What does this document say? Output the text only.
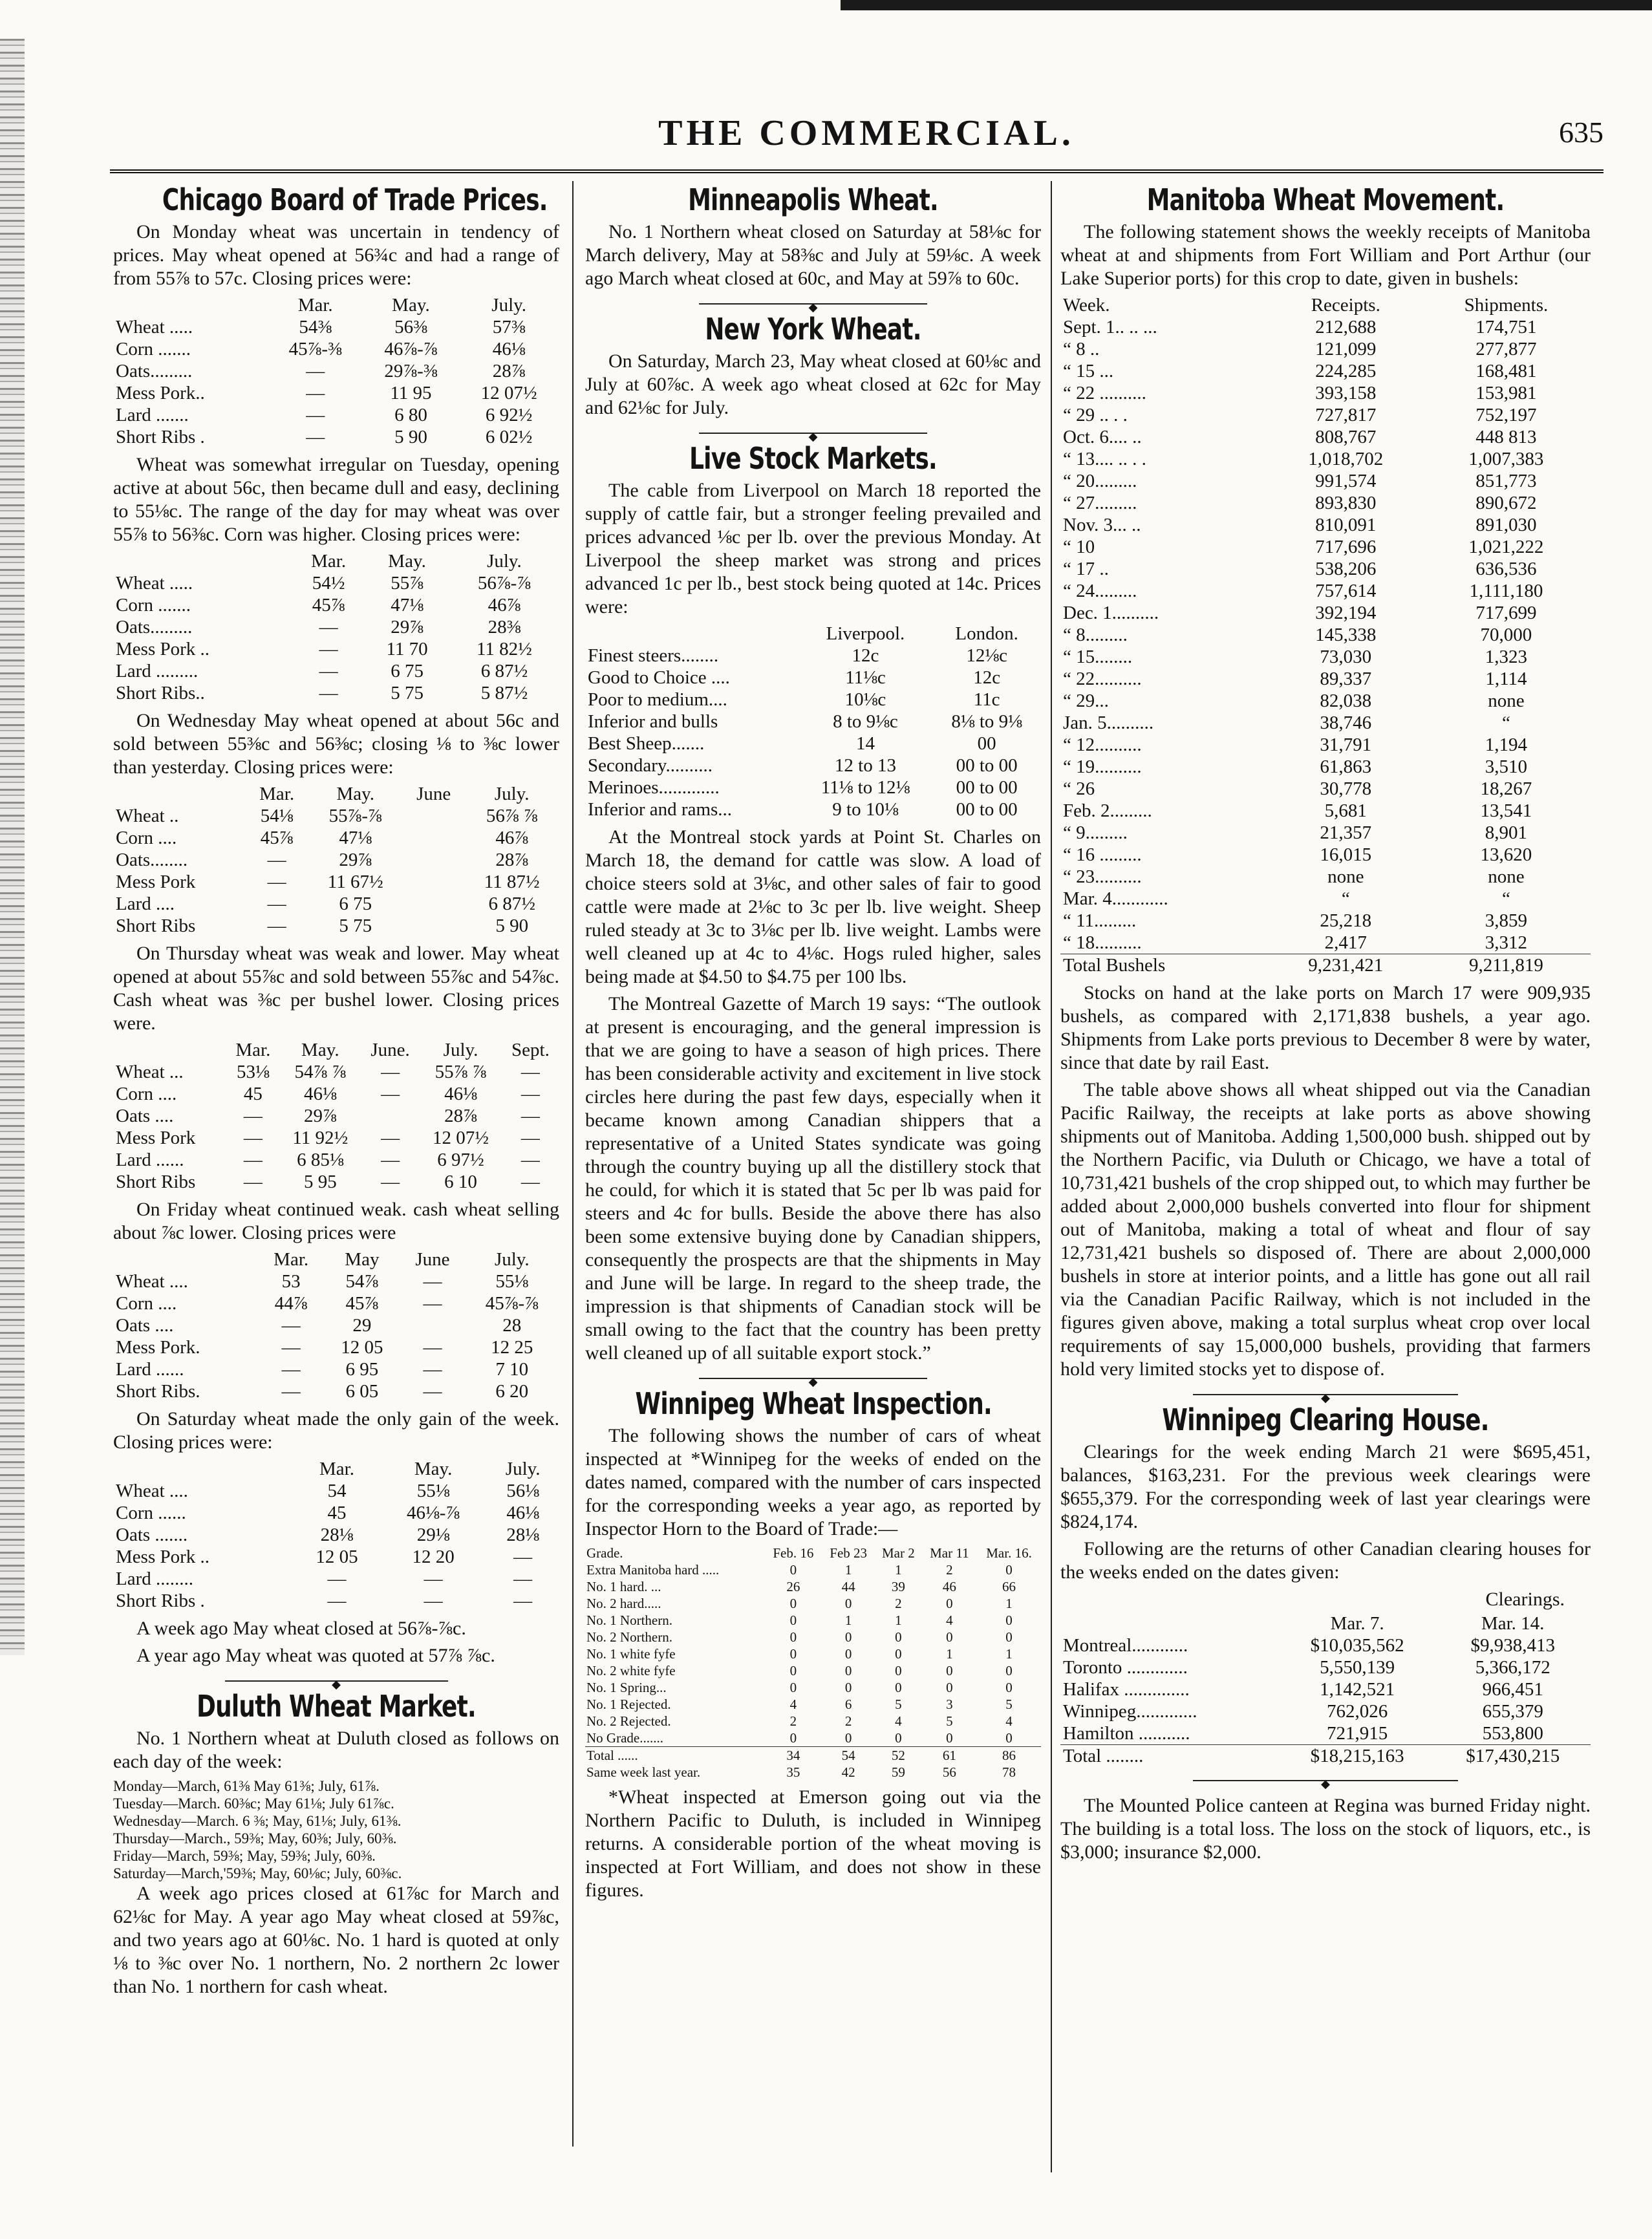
THE COMMERCIAL.	635
Chicago Board of Trade Prices.

On Monday wheat was uncertain in tendency of prices. May wheat opened at 56¾c and had a range of from 55⅞ to 57c. Closing prices were:

	Mar.	May.	July.
Wheat .....	54⅜	56⅜	57⅜
Corn .......	45⅞-⅜	46⅞-⅞	46⅛
Oats.........	—	29⅞-⅜	28⅞
Mess Pork..	—	11 95	12 07½
Lard .......	—	6 80	6 92½
Short Ribs .	—	5 90	6 02½

Wheat was somewhat irregular on Tuesday, opening active at about 56c, then became dull and easy, declining to 55⅛c. The range of the day for may wheat was over 55⅞ to 56⅜c. Corn was higher. Closing prices were:

	Mar.	May.	July.
Wheat .....	54½	55⅞	56⅞-⅞
Corn .......	45⅞	47⅛	46⅞
Oats.........	—	29⅞	28⅜
Mess Pork ..	—	11 70	11 82½
Lard .........	—	6 75	6 87½
Short Ribs..	—	5 75	5 87½

On Wednesday May wheat opened at about 56c and sold between 55⅜c and 56⅜c; closing ⅛ to ⅜c lower than yesterday. Closing prices were:

	Mar.	May.	June	July.
Wheat ..	54⅛	55⅞-⅞		56⅞ ⅞
Corn ....	45⅞	47⅛		46⅞
Oats........	—	29⅞		28⅞
Mess Pork	—	11 67½		11 87½
Lard ....	—	6 75		6 87½
Short Ribs	—	5 75		5 90

On Thursday wheat was weak and lower. May wheat opened at about 55⅞c and sold between 55⅞c and 54⅞c. Cash wheat was ⅜c per bushel lower. Closing prices were.

	Mar.	May.	June.	July.	Sept.
Wheat ...	53⅛	54⅞ ⅞	—	55⅞ ⅞	—
Corn ....	45	46⅛	—	46⅛	—
Oats ....	—	29⅞		28⅞	—
Mess Pork	—	11 92½	—	12 07½	—
Lard ......	—	6 85⅛	—	6 97½	—
Short Ribs	—	5 95	—	6 10	—

On Friday wheat continued weak. cash wheat selling about ⅞c lower. Closing prices were

	Mar.	May	June	July.
Wheat ....	53	54⅞	—	55⅛
Corn ....	44⅞	45⅞	—	45⅞-⅞
Oats ....	—	29		28
Mess Pork.	—	12 05	—	12 25
Lard ......	—	6 95	—	7 10
Short Ribs.	—	6 05	—	6 20

On Saturday wheat made the only gain of the week. Closing prices were:

	Mar.	May.	July.
Wheat ....	54	55⅛	56⅛
Corn ......	45	46⅛-⅞	46⅛
Oats .......	28⅛	29⅛	28⅛
Mess Pork ..	12 05	12 20	—
Lard ........	—	—	—
Short Ribs .	—	—	—

A week ago May wheat closed at 56⅞-⅞c.

A year ago May wheat was quoted at 57⅞ ⅞c.

◆
Duluth Wheat Market.

No. 1 Northern wheat at Duluth closed as follows on each day of the week:

Monday—March, 61⅜ May 61⅜; July, 61⅞.

Tuesday—March. 60⅜c; May 61⅛; July 61⅞c.

Wednesday—March. 6 ⅜; May, 61⅛; July, 61⅜.

Thursday—March., 59⅜; May, 60⅜; July, 60⅜.

Friday—March, 59⅜; May, 59⅜; July, 60⅜.

Saturday—March,'59⅜; May, 60⅛c; July, 60⅜c.

A week ago prices closed at 61⅞c for March and 62⅛c for May. A year ago May wheat closed at 59⅞c, and two years ago at 60⅛c. No. 1 hard is quoted at only ⅛ to ⅜c over No. 1 northern, No. 2 northern 2c lower than No. 1 northern for cash wheat.

Minneapolis Wheat.

No. 1 Northern wheat closed on Saturday at 58⅛c for March delivery, May at 58⅜c and July at 59⅛c. A week ago March wheat closed at 60c, and May at 59⅞ to 60c.

◆
New York Wheat.

On Saturday, March 23, May wheat closed at 60⅛c and July at 60⅞c. A week ago wheat closed at 62c for May and 62⅛c for July.

◆
Live Stock Markets.

The cable from Liverpool on March 18 reported the supply of cattle fair, but a stronger feeling prevailed and prices advanced ⅛c per lb. over the previous Monday. At Liverpool the sheep market was strong and prices advanced 1c per lb., best stock being quoted at 14c. Prices were:

	Liverpool.	London.
Finest steers........	12c	12⅛c
Good to Choice ....	11⅛c	12c
Poor to medium....	10⅛c	11c
Inferior and bulls	8 to 9⅛c	8⅛ to 9⅛
Best Sheep.......	14	00
Secondary..........	12 to 13	00 to 00
Merinoes.............	11⅛ to 12⅛	00 to 00
Inferior and rams...	9 to 10⅛	00 to 00

At the Montreal stock yards at Point St. Charles on March 18, the demand for cattle was slow. A load of choice steers sold at 3⅛c, and other sales of fair to good cattle were made at 2⅛c to 3c per lb. live weight. Sheep ruled steady at 3c to 3⅛c per lb. live weight. Lambs were well cleaned up at 4c to 4⅛c. Hogs ruled higher, sales being made at $4.50 to $4.75 per 100 lbs.

The Montreal Gazette of March 19 says: “The outlook at present is encouraging, and the general impression is that we are going to have a season of high prices. There has been considerable activity and excitement in live stock circles here during the past few days, especially when it became known among Canadian shippers that a representative of a United States syndicate was going through the country buying up all the distillery stock that he could, for which it is stated that 5c per lb was paid for steers and 4c for bulls. Beside the above there has also been some extensive buying done by Canadian shippers, consequently the prospects are that the shipments in May and June will be large. In regard to the sheep trade, the impression is that shipments of Canadian stock will be small owing to the fact that the country has been pretty well cleaned up of all suitable export stock.”

◆
Winnipeg Wheat Inspection.

The following shows the number of cars of wheat inspected at *Winnipeg for the weeks of ended on the dates named, compared with the number of cars inspected for the corresponding weeks a year ago, as reported by Inspector Horn to the Board of Trade:—

Grade.	Feb. 16	Feb 23	Mar 2	Mar 11	Mar. 16.
Extra Manitoba hard .....	0	1	1	2	0
No. 1 hard. ...	26	44	39	46	66
No. 2 hard.....	0	0	2	0	1
No. 1 Northern.	0	1	1	4	0
No. 2 Northern.	0	0	0	0	0
No. 1 white fyfe	0	0	0	1	1
No. 2 white fyfe	0	0	0	0	0
No. 1 Spring...	0	0	0	0	0
No. 1 Rejected.	4	6	5	3	5
No. 2 Rejected.	2	2	4	5	4
No Grade.......	0	0	0	0	0
Total ......	34	54	52	61	86
Same week last year.	35	42	59	56	78

*Wheat inspected at Emerson going out via the Northern Pacific to Duluth, is included in Winnipeg returns. A considerable portion of the wheat moving is inspected at Fort William, and does not show in these figures.

Manitoba Wheat Movement.

The following statement shows the weekly receipts of Manitoba wheat at and shipments from Fort William and Port Arthur (our Lake Superior ports) for this crop to date, given in bushels:

Week.	Receipts.	Shipments.
Sept. 1.. .. ...	212,688	174,751
“ 8 ..	121,099	277,877
“ 15 ...	224,285	168,481
“ 22 ..........	393,158	153,981
“ 29 .. . .	727,817	752,197
Oct. 6.... ..	808,767	448 813
“ 13.... .. . .	1,018,702	1,007,383
“ 20.........	991,574	851,773
“ 27.........	893,830	890,672
Nov. 3... ..	810,091	891,030
“ 10	717,696	1,021,222
“ 17 ..	538,206	636,536
“ 24.........	757,614	1,111,180
Dec. 1..........	392,194	717,699
“ 8.........	145,338	70,000
“ 15........	73,030	1,323
“ 22..........	89,337	1,114
“ 29...	82,038	none
Jan. 5..........	38,746	“
“ 12..........	31,791	1,194
“ 19..........	61,863	3,510
“ 26	30,778	18,267
Feb. 2.........	5,681	13,541
“ 9.........	21,357	8,901
“ 16 .........	16,015	13,620
“ 23..........	none	none
Mar. 4............	“	“
“ 11.........	25,218	3,859
“ 18..........	2,417	3,312
Total Bushels	9,231,421	9,211,819

Stocks on hand at the lake ports on March 17 were 909,935 bushels, as compared with 2,171,838 bushels, a year ago. Shipments from Lake ports previous to December 8 were by water, since that date by rail East.

The table above shows all wheat shipped out via the Canadian Pacific Railway, the receipts at lake ports as above showing shipments out of Manitoba. Adding 1,500,000 bush. shipped out by the Northern Pacific, via Duluth or Chicago, we have a total of 10,731,421 bushels of the crop shipped out, to which may further be added about 2,000,000 bushels converted into flour for shipment out of Manitoba, making a total of wheat and flour of say 12,731,421 bushels so disposed of. There are about 2,000,000 bushels in store at interior points, and a little has gone out all rail via the Canadian Pacific Railway, which is not included in the figures given above, making a total surplus wheat crop over local requirements of say 15,000,000 bushels, providing that farmers hold very limited stocks yet to dispose of.

◆
Winnipeg Clearing House.

Clearings for the week ending March 21 were $695,451, balances, $163,231. For the previous week clearings were $655,379. For the corresponding week of last year clearings were $824,174.

Following are the returns of other Canadian clearing houses for the weeks ended on the dates given:

Clearings.
	Mar. 7.	Mar. 14.
Montreal............	$10,035,562	$9,938,413
Toronto .............	5,550,139	5,366,172
Halifax ..............	1,142,521	966,451
Winnipeg.............	762,026	655,379
Hamilton ...........	721,915	553,800
Total ........	$18,215,163	$17,430,215
◆

The Mounted Police canteen at Regina was burned Friday night. The building is a total loss. The loss on the stock of liquors, etc., is $3,000; insurance $2,000.
